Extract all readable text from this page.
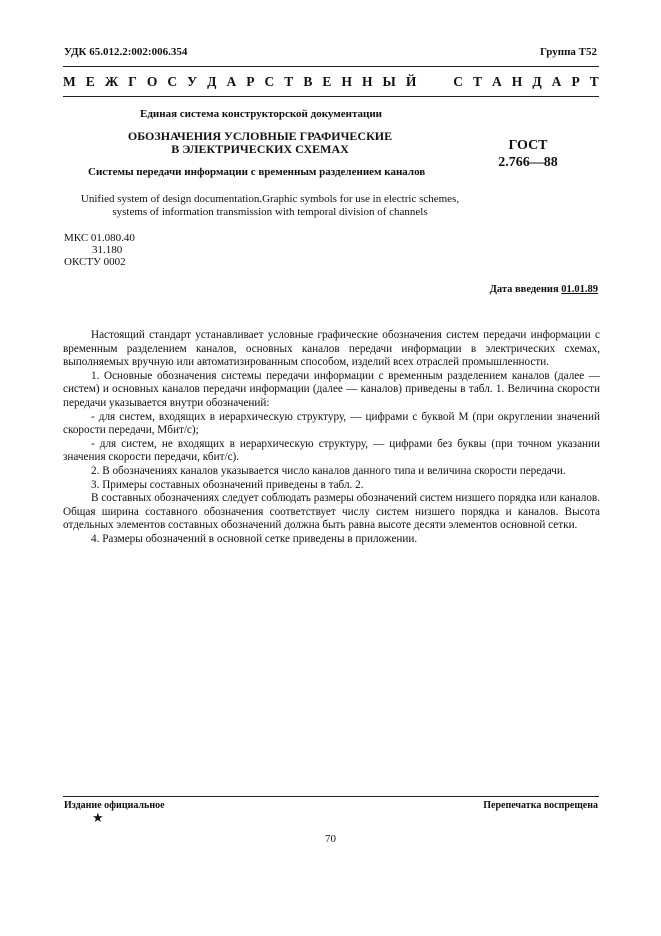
УДК 65.012.2:002:006.354	Группа Т52
М Е Ж Г О С У Д А Р С Т В Е Н Н Ы Й

	С Т А Н Д А Р Т
Единая система конструкторской документации
ОБОЗНАЧЕНИЯ УСЛОВНЫЕ ГРАФИЧЕСКИЕ
В ЭЛЕКТРИЧЕСКИХ СХЕМАХ	ГОСТ
2.766—88
Системы передачи информации с временным разделением каналов
Unified system of design documentation.Graphic symbols for use in electric schemes,
systems of information transmission with temporal division of channels
МКС 01.080.40
31.180
ОКСТУ 0002
Дата введения 01.01.89

Настоящий стандарт устанавливает условные графические обозначения систем передачи информации с временным разделением каналов, основных каналов передачи информации в электрических схемах, выполняемых вручную или автоматизированным способом, изделий всех отраслей промышленности.

1. Основные обозначения системы передачи информации с временным разделением каналов (далее — систем) и основных каналов передачи информации (далее — каналов) приведены в табл. 1. Величина скорости передачи указывается внутри обозначений:

- для систем, входящих в иерархическую структуру, — цифрами с буквой М (при округлении значений скорости передачи, Мбит/с);

- для систем, не входящих в иерархическую структуру, — цифрами без буквы (при точном указании значения скорости передачи, кбит/с).

2. В обозначениях каналов указывается число каналов данного типа и величина скорости передачи.

3. Примеры составных обозначений приведены в табл. 2.

В составных обозначениях следует соблюдать размеры обозначений систем низшего порядка или каналов. Общая ширина составного обозначения соответствует числу систем низшего порядка и каналов. Высота отдельных элементов составных обозначений должна быть равна высоте десяти элементов основной сетки.

4. Размеры обозначений в основной сетке приведены в приложении.

Издание официальное	Перепечатка воспрещена
★
70
